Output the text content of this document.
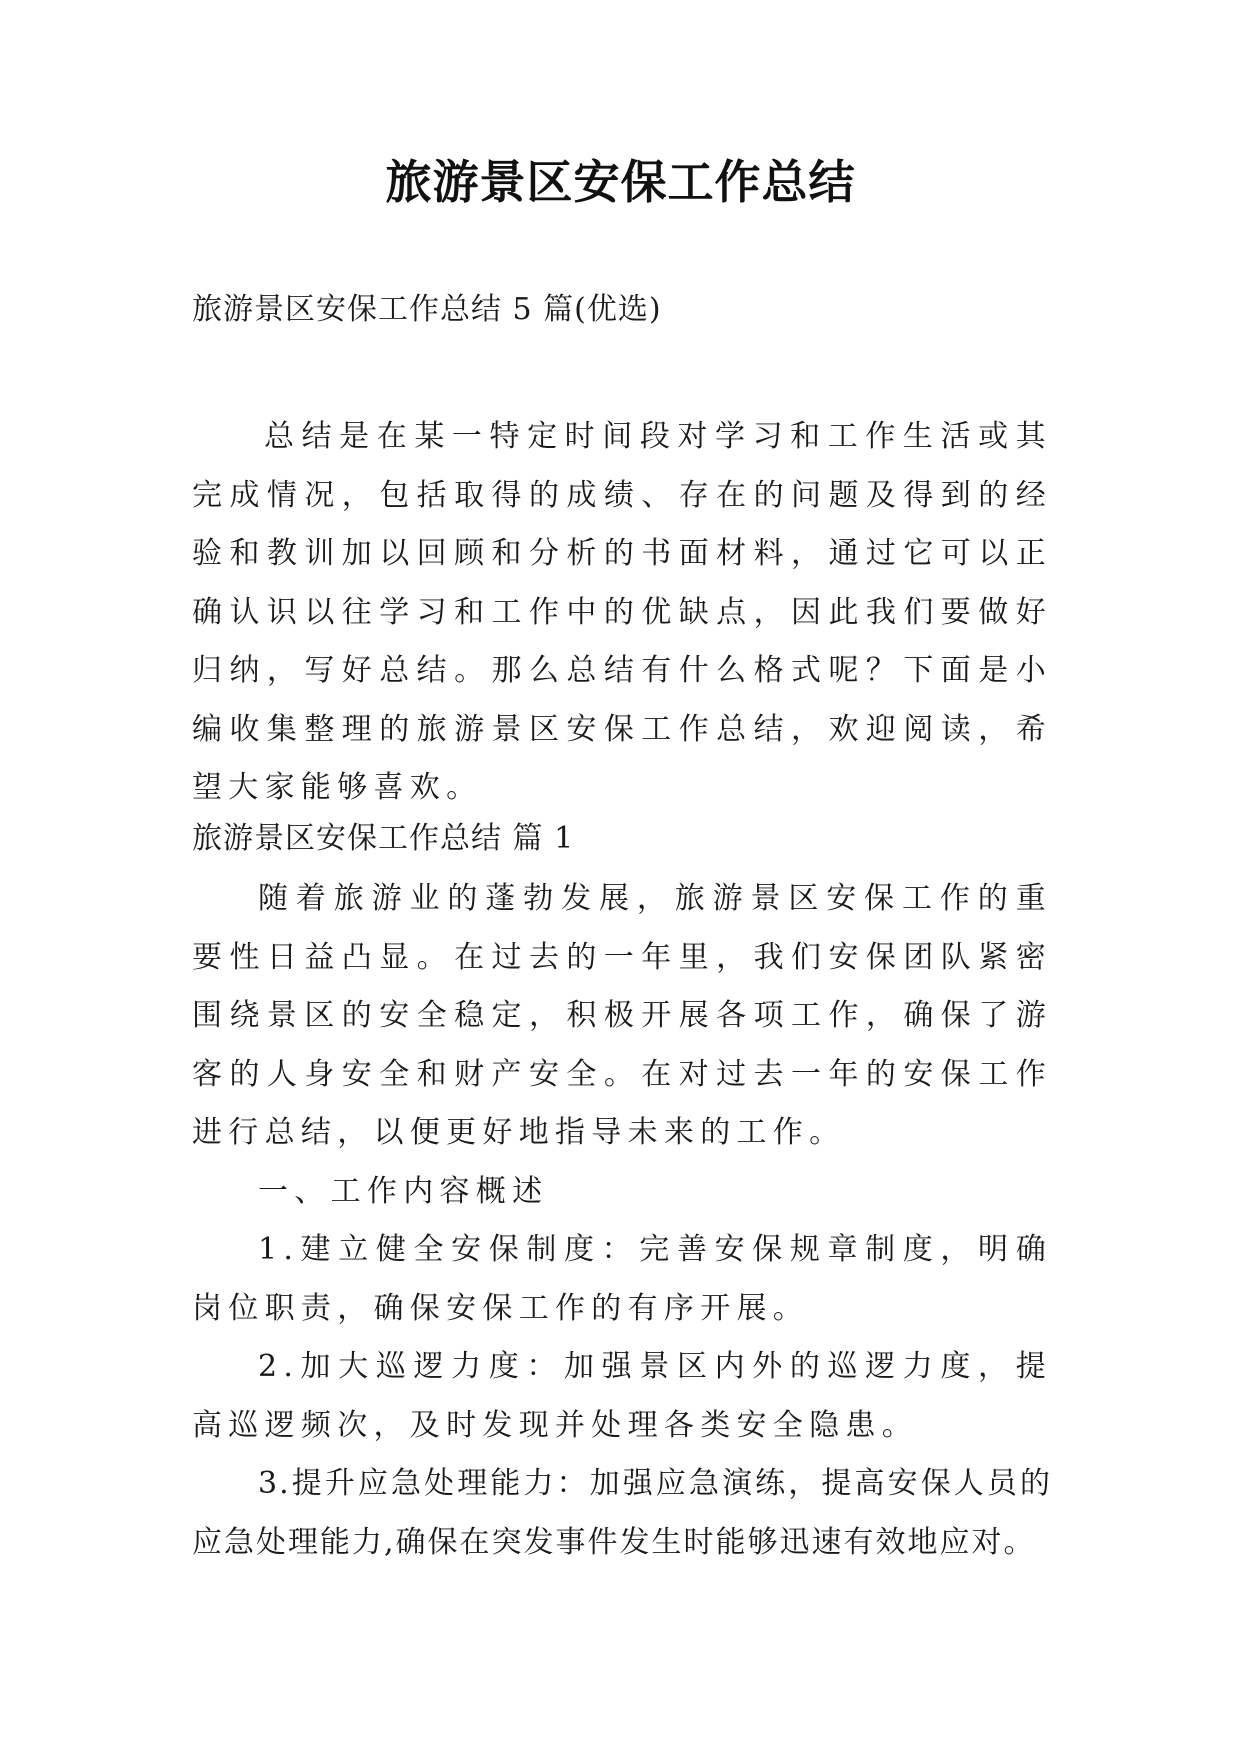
旅游景区安保工作总结
旅游景区安保工作总结 5 篇(优选)

总结是在某一特定时间段对学习和工作生活或其完成情况，包括取得的成绩、存在的问题及得到的经验和教训加以回顾和分析的书面材料，通过它可以正确认识以往学习和工作中的优缺点，因此我们要做好归纳，写好总结。那么总结有什么格式呢？下面是小编收集整理的旅游景区安保工作总结，欢迎阅读，希望大家能够喜欢。

旅游景区安保工作总结 篇 1

随着旅游业的蓬勃发展，旅游景区安保工作的重要性日益凸显。在过去的一年里，我们安保团队紧密围绕景区的安全稳定，积极开展各项工作，确保了游客的人身安全和财产安全。在对过去一年的安保工作进行总结，以便更好地指导未来的工作。

一、工作内容概述

1.建立健全安保制度：完善安保规章制度，明确岗位职责，确保安保工作的有序开展。

2.加大巡逻力度：加强景区内外的巡逻力度，提高巡逻频次，及时发现并处理各类安全隐患。

3.提升应急处理能力：加强应急演练，提高安保人员的应急处理能力,确保在突发事件发生时能够迅速有效地应对。
